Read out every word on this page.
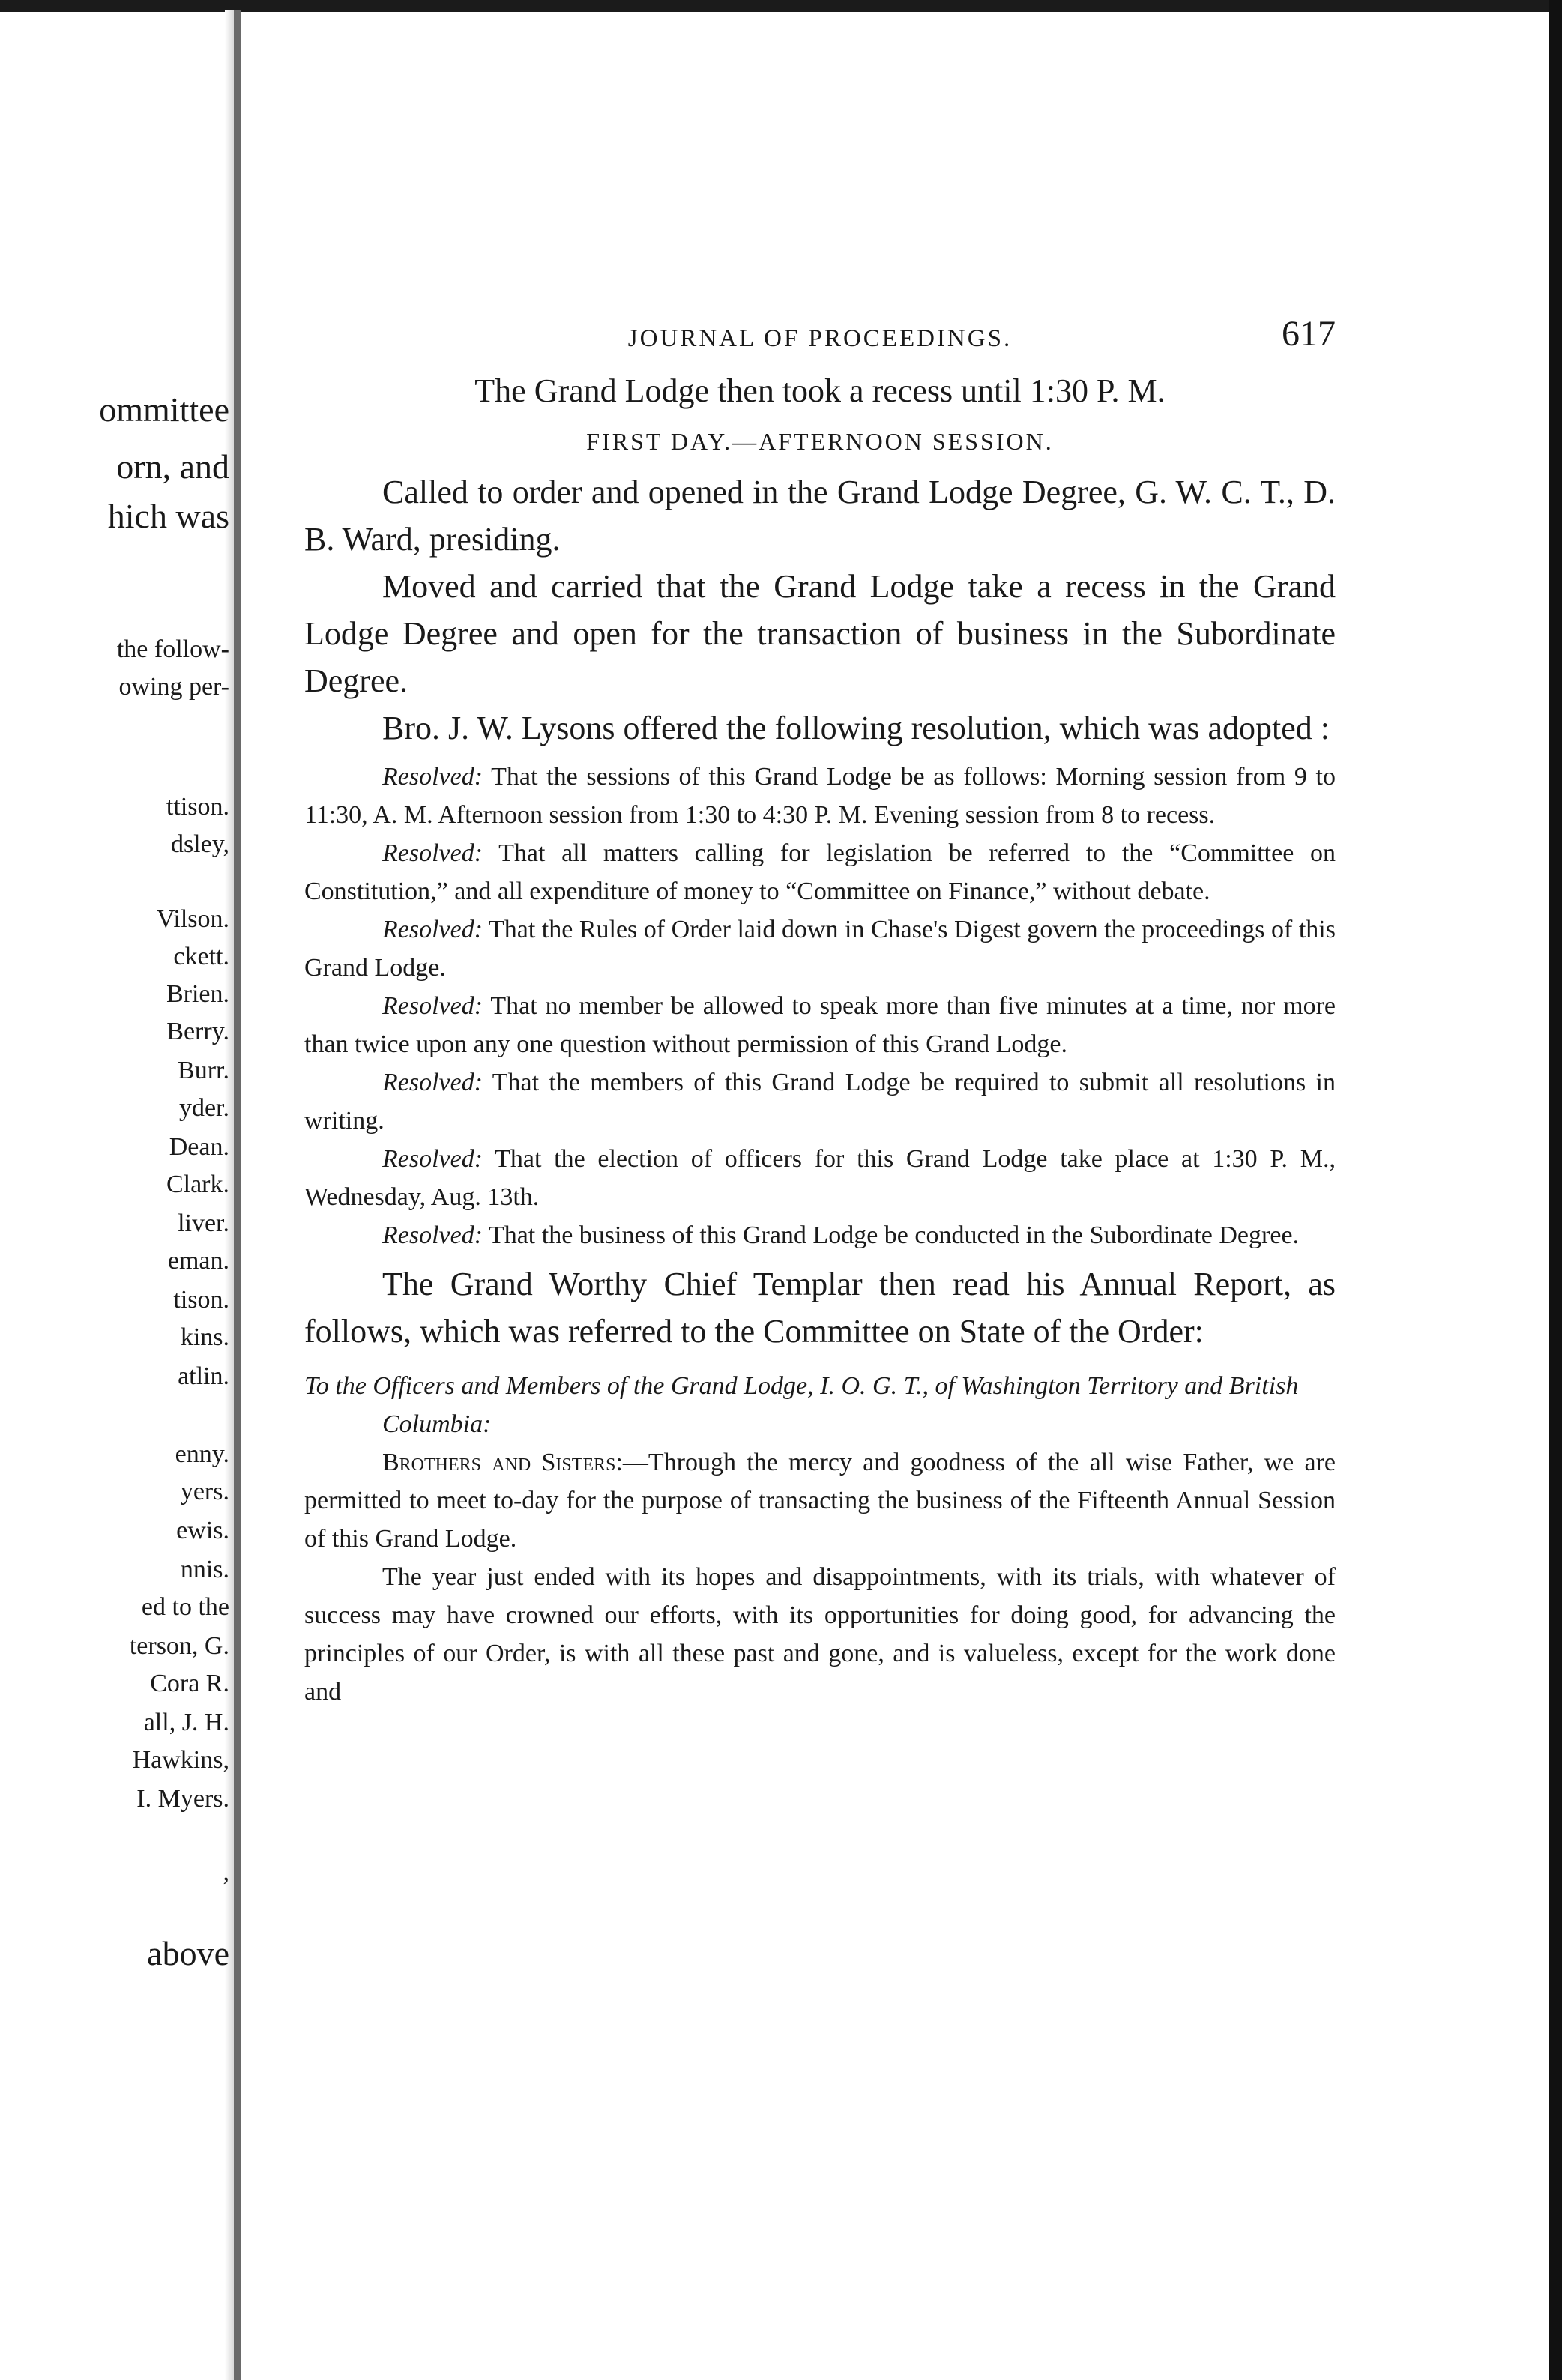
ommittee
orn, and
hich was
the follow-
owing per-
ttison.
dsley,
Vilson.
ckett.
Brien.
Berry.
Burr.
yder.
Dean.
Clark.
liver.
eman.
tison.
kins.
atlin.
enny.
yers.
ewis.
nnis.
ed to the
terson, G.
Cora R.
all, J. H.
Hawkins,
I. Myers.
,
above
JOURNAL OF PROCEEDINGS.	617

The Grand Lodge then took a recess until 1:30 P. M.

FIRST DAY.—AFTERNOON SESSION.

Called to order and opened in the Grand Lodge Degree, G. W. C. T., D. B. Ward, presiding.

Moved and carried that the Grand Lodge take a recess in the Grand Lodge Degree and open for the transaction of business in the Subordinate Degree.

Bro. J. W. Lysons offered the following resolution, which was adopted :

Resolved: That the sessions of this Grand Lodge be as follows: Morning session from 9 to 11:30, A. M. Afternoon session from 1:30 to 4:30 P. M. Evening session from 8 to recess.

Resolved: That all matters calling for legislation be referred to the “Committee on Constitution,” and all expenditure of money to “Committee on Finance,” without debate.

Resolved: That the Rules of Order laid down in Chase's Digest govern the proceedings of this Grand Lodge.

Resolved: That no member be allowed to speak more than five minutes at a time, nor more than twice upon any one question without permission of this Grand Lodge.

Resolved: That the members of this Grand Lodge be required to submit all resolutions in writing.

Resolved: That the election of officers for this Grand Lodge take place at 1:30 P. M., Wednesday, Aug. 13th.

Resolved: That the business of this Grand Lodge be conducted in the Subordinate Degree.

The Grand Worthy Chief Templar then read his Annual Report, as follows, which was referred to the Committee on State of the Order:

To the Officers and Members of the Grand Lodge, I. O. G. T., of Washington Territory and British Columbia:

Brothers and Sisters:—Through the mercy and goodness of the all wise Father, we are permitted to meet to-day for the purpose of transacting the business of the Fifteenth Annual Session of this Grand Lodge.

The year just ended with its hopes and disappointments, with its trials, with whatever of success may have crowned our efforts, with its opportunities for doing good, for advancing the principles of our Order, is with all these past and gone, and is valueless, except for the work done and
